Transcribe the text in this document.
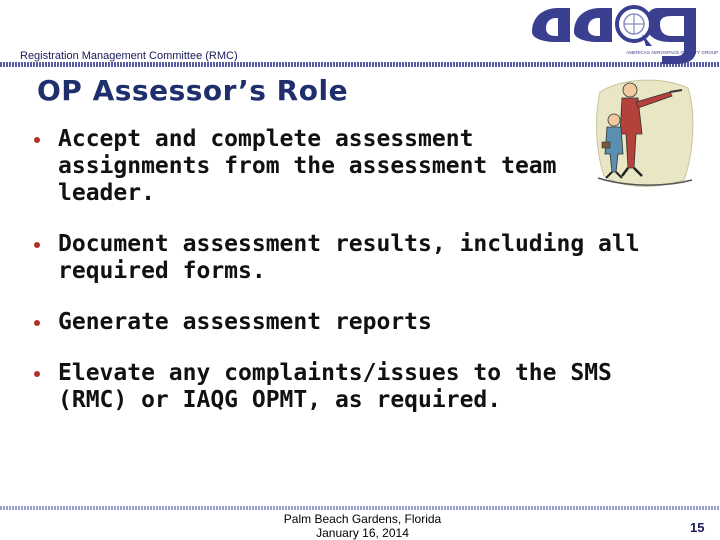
Registration Management Committee (RMC)	AMERICAS AEROSPACE QUALITY GROUP
OP Assessor’s Role
Accept and complete assessment
assignments from the assessment team
leader.
Document assessment results, including all
required forms.
Generate assessment reports
Elevate any complaints/issues to the SMS
(RMC) or IAQG OPMT, as required.
Palm Beach Gardens, Florida
January 16, 2014	15
